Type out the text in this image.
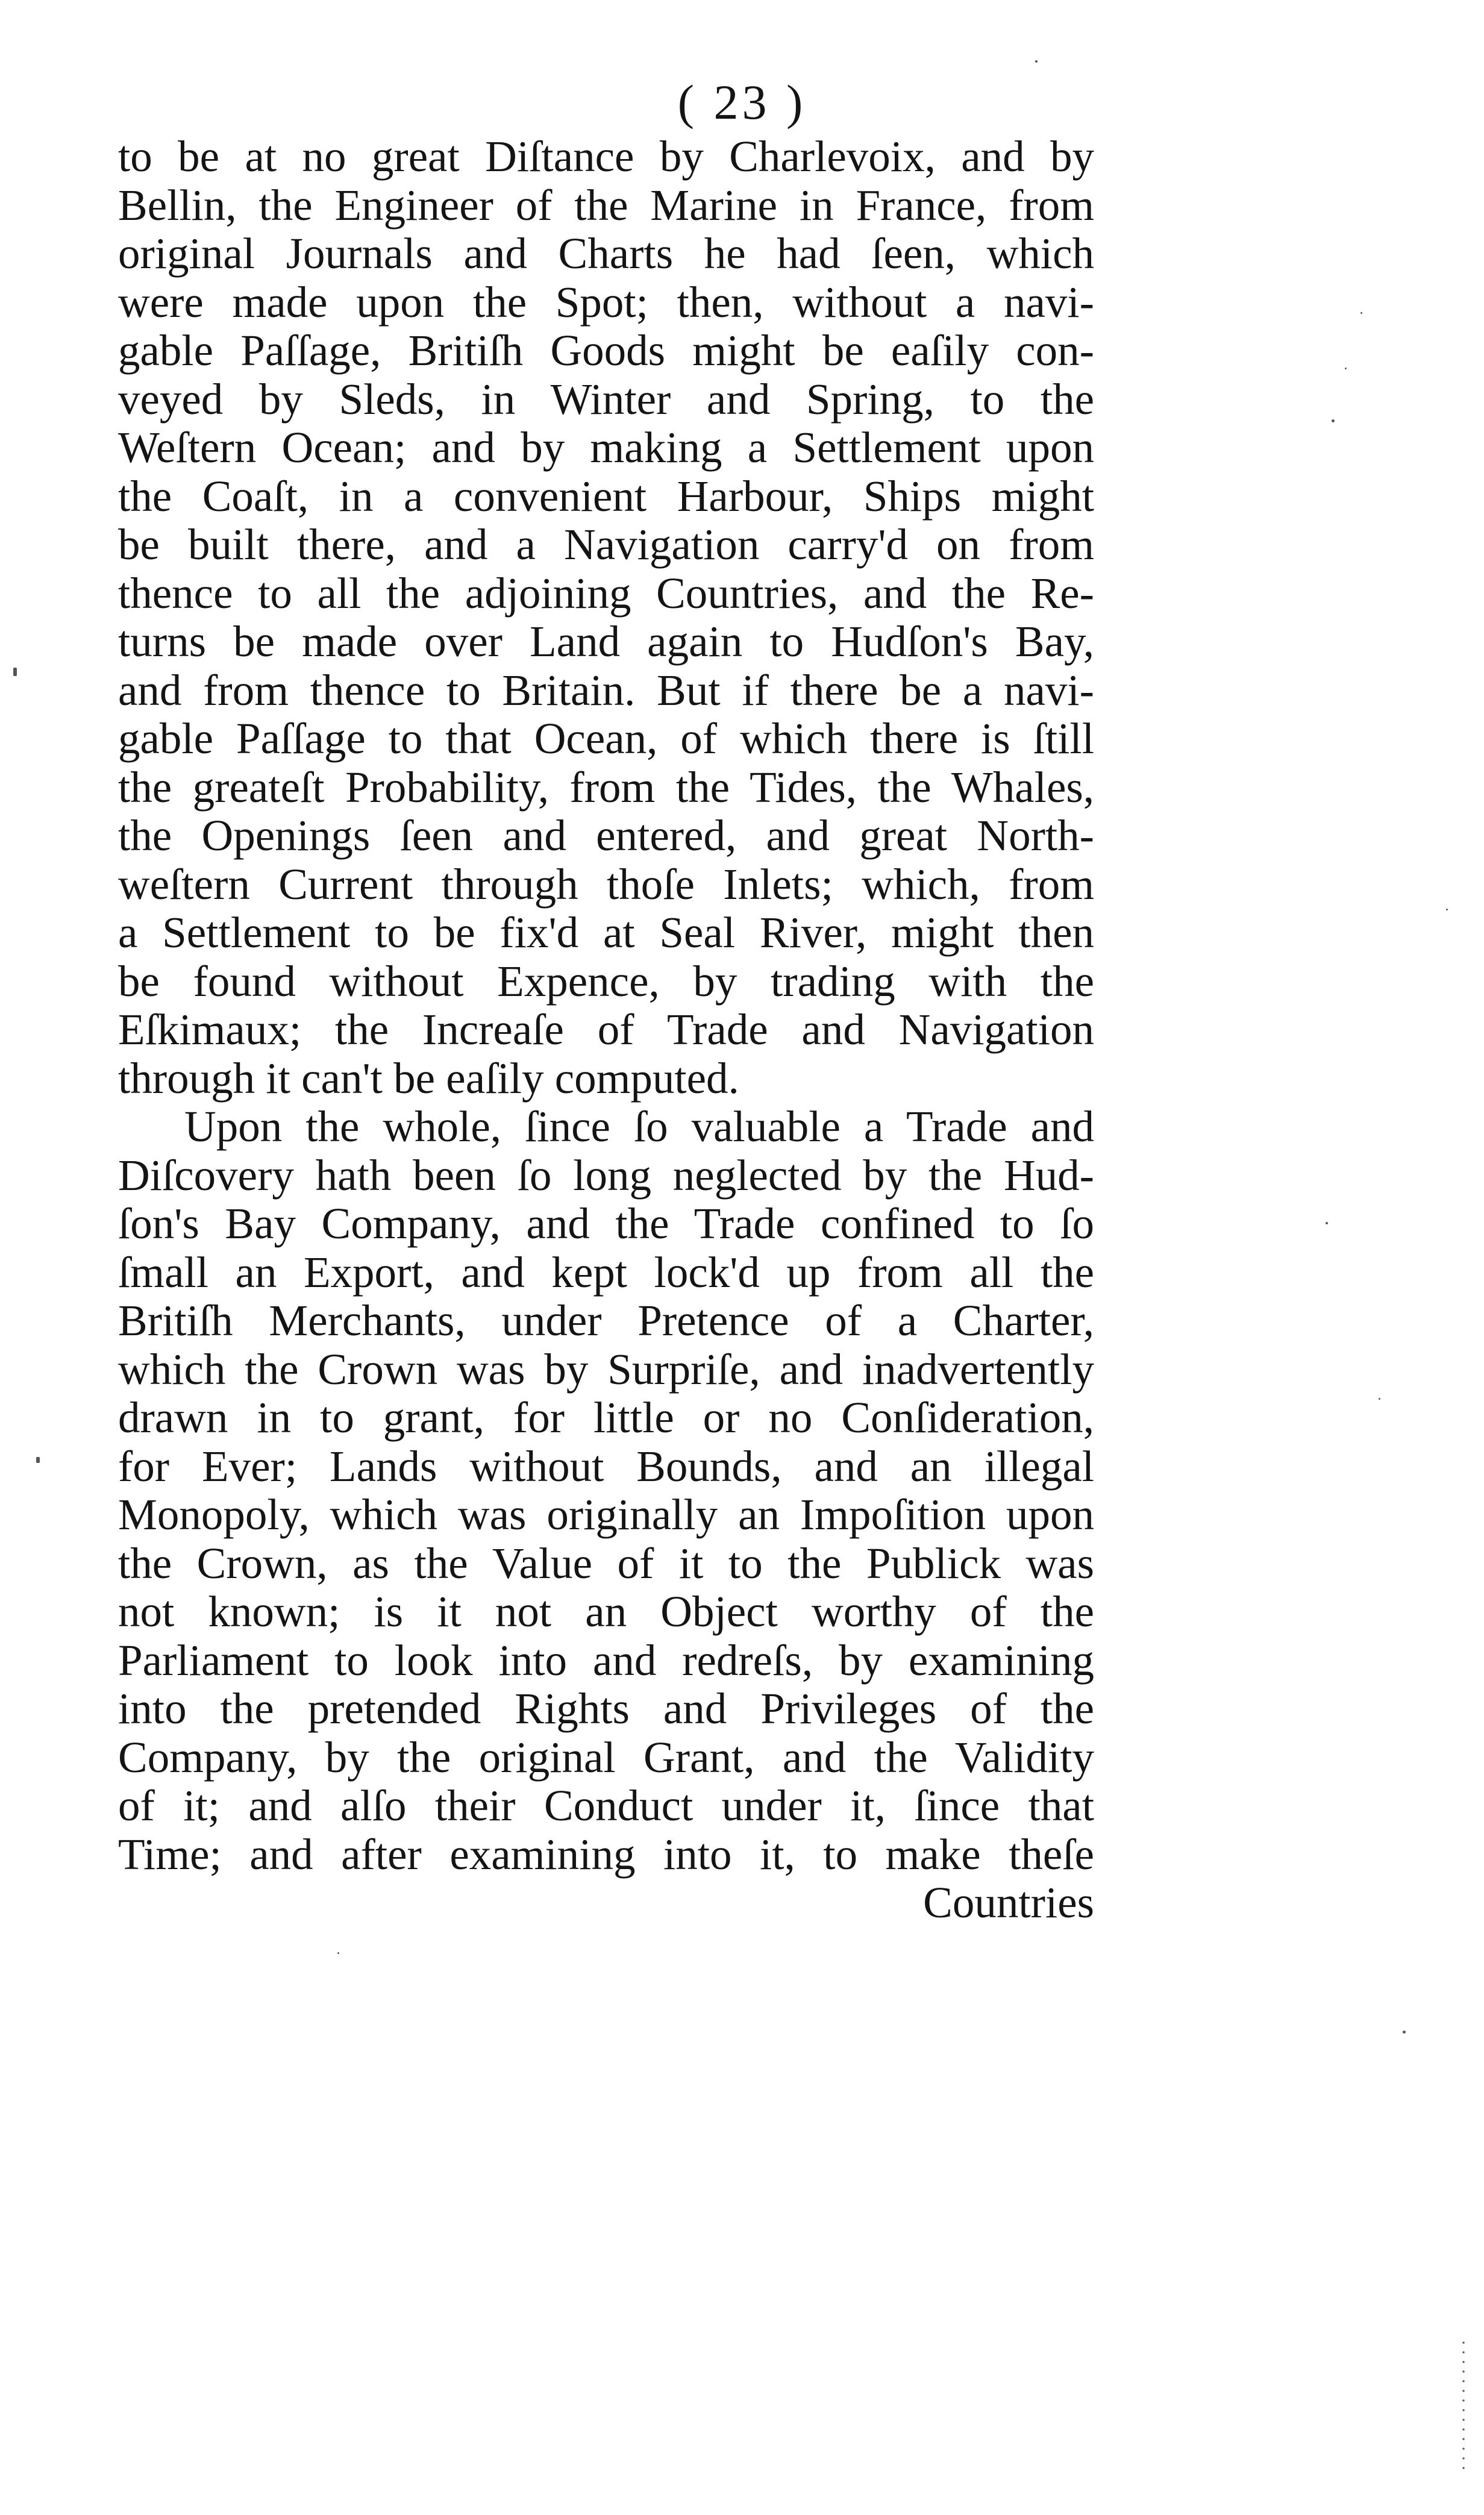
( 23 )
to be at no great Diſtance by Charlevoix, and by
Bellin, the Engineer of the Marine in France, from
original Journals and Charts he had ſeen, which
were made upon the Spot; then, without a navi-
gable Paſſage, Britiſh Goods might be eaſily con-
veyed by Sleds, in Winter and Spring, to the
Weſtern Ocean; and by making a Settlement upon
the Coaſt, in a convenient Harbour, Ships might
be built there, and a Navigation carry'd on from
thence to all the adjoining Countries, and the Re-
turns be made over Land again to Hudſon's Bay,
and from thence to Britain. But if there be a navi-
gable Paſſage to that Ocean, of which there is ſtill
the greateſt Probability, from the Tides, the Whales,
the Openings ſeen and entered, and great North-
weſtern Current through thoſe Inlets; which, from
a Settlement to be fix'd at Seal River, might then
be found without Expence, by trading with the
Eſkimaux; the Increaſe of Trade and Navigation
through it can't be eaſily computed.
Upon the whole, ſince ſo valuable a Trade and
Diſcovery hath been ſo long neglected by the Hud-
ſon's Bay Company, and the Trade confined to ſo
ſmall an Export, and kept lock'd up from all the
Britiſh Merchants, under Pretence of a Charter,
which the Crown was by Surpriſe, and inadvertently
drawn in to grant, for little or no Conſideration,
for Ever; Lands without Bounds, and an illegal
Monopoly, which was originally an Impoſition upon
the Crown, as the Value of it to the Publick was
not known; is it not an Object worthy of the
Parliament to look into and redreſs, by examining
into the pretended Rights and Privileges of the
Company, by the original Grant, and the Validity
of it; and alſo their Conduct under it, ſince that
Time; and after examining into it, to make theſe
Countries
